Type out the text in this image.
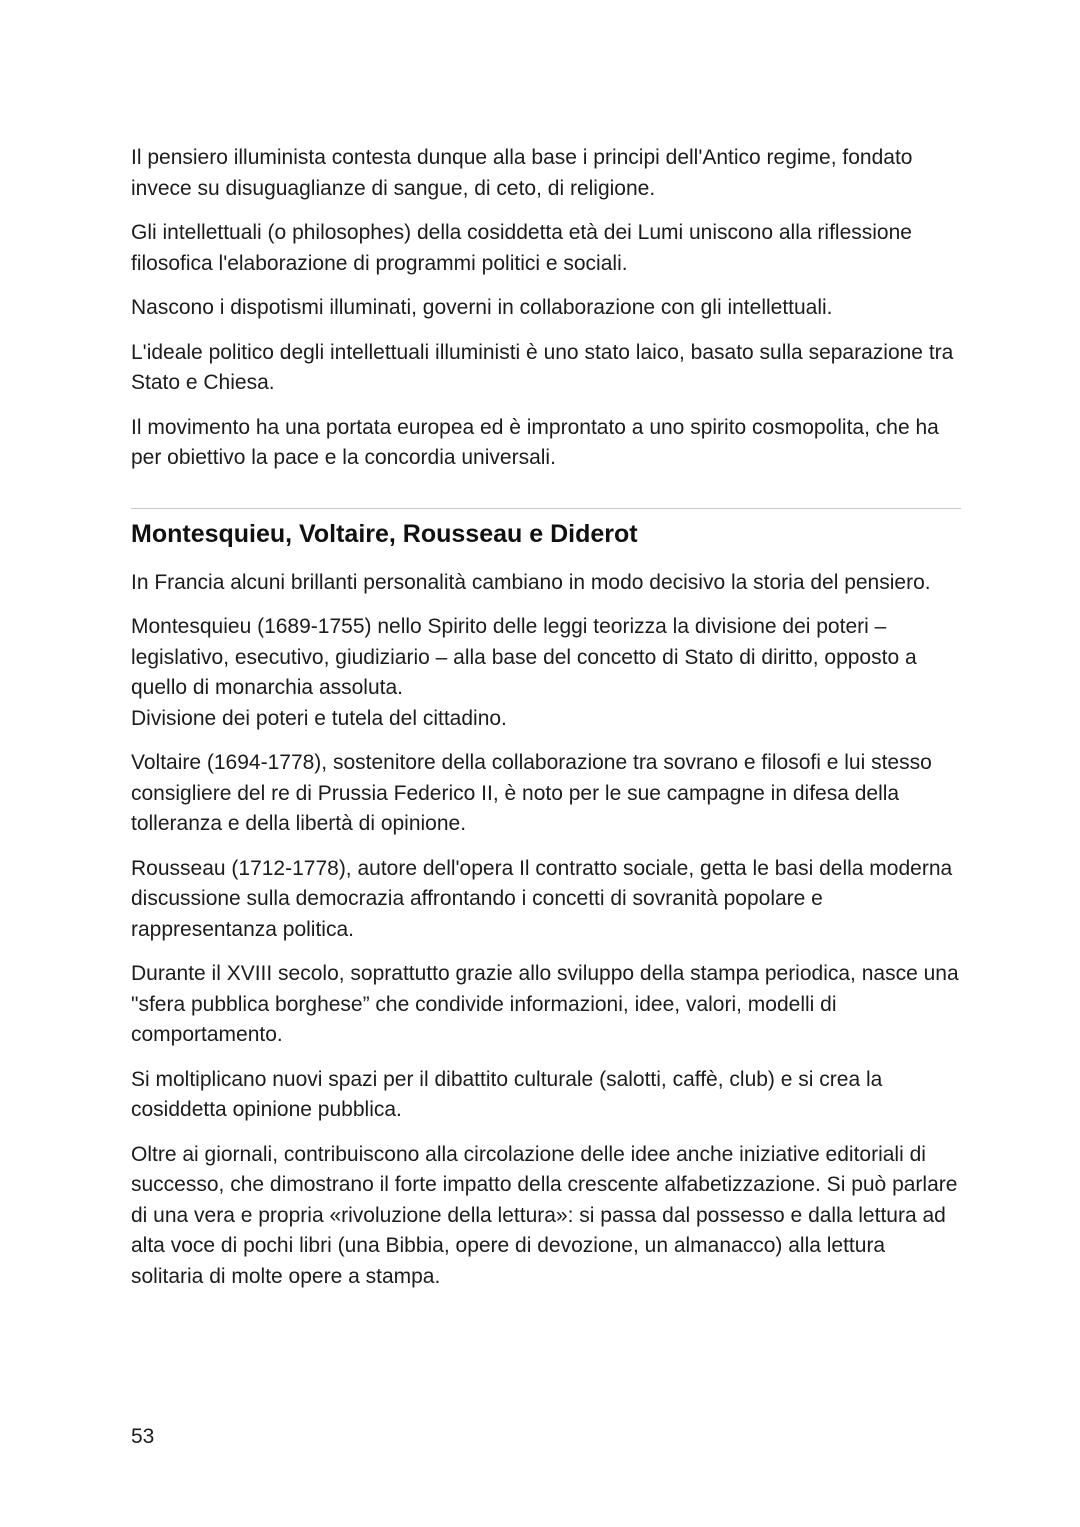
Il pensiero illuminista contesta dunque alla base i principi dell'Antico regime, fondato invece su disuguaglianze di sangue, di ceto, di religione.

Gli intellettuali (o philosophes) della cosiddetta età dei Lumi uniscono alla riflessione filosofica l'elaborazione di programmi politici e sociali.

Nascono i dispotismi illuminati, governi in collaborazione con gli intellettuali.

L'ideale politico degli intellettuali illuministi è uno stato laico, basato sulla separazione tra Stato e Chiesa.

Il movimento ha una portata europea ed è improntato a uno spirito cosmopolita, che ha per obiettivo la pace e la concordia universali.

Montesquieu, Voltaire, Rousseau e Diderot

In Francia alcuni brillanti personalità cambiano in modo decisivo la storia del pensiero.

Montesquieu (1689-1755) nello Spirito delle leggi teorizza la divisione dei poteri – legislativo, esecutivo, giudiziario – alla base del concetto di Stato di diritto, opposto a quello di monarchia assoluta.
Divisione dei poteri e tutela del cittadino.

Voltaire (1694-1778), sostenitore della collaborazione tra sovrano e filosofi e lui stesso consigliere del re di Prussia Federico II, è noto per le sue campagne in difesa della tolleranza e della libertà di opinione.

Rousseau (1712-1778), autore dell'opera Il contratto sociale, getta le basi della moderna discussione sulla democrazia affrontando i concetti di sovranità popolare e rappresentanza politica.

Durante il XVIII secolo, soprattutto grazie allo sviluppo della stampa periodica, nasce una "sfera pubblica borghese” che condivide informazioni, idee, valori, modelli di comportamento.

Si moltiplicano nuovi spazi per il dibattito culturale (salotti, caffè, club) e si crea la cosiddetta opinione pubblica.

Oltre ai giornali, contribuiscono alla circolazione delle idee anche iniziative editoriali di successo, che dimostrano il forte impatto della crescente alfabetizzazione. Si può parlare di una vera e propria «rivoluzione della lettura»: si passa dal possesso e dalla lettura ad alta voce di pochi libri (una Bibbia, opere di devozione, un almanacco) alla lettura solitaria di molte opere a stampa.

53
